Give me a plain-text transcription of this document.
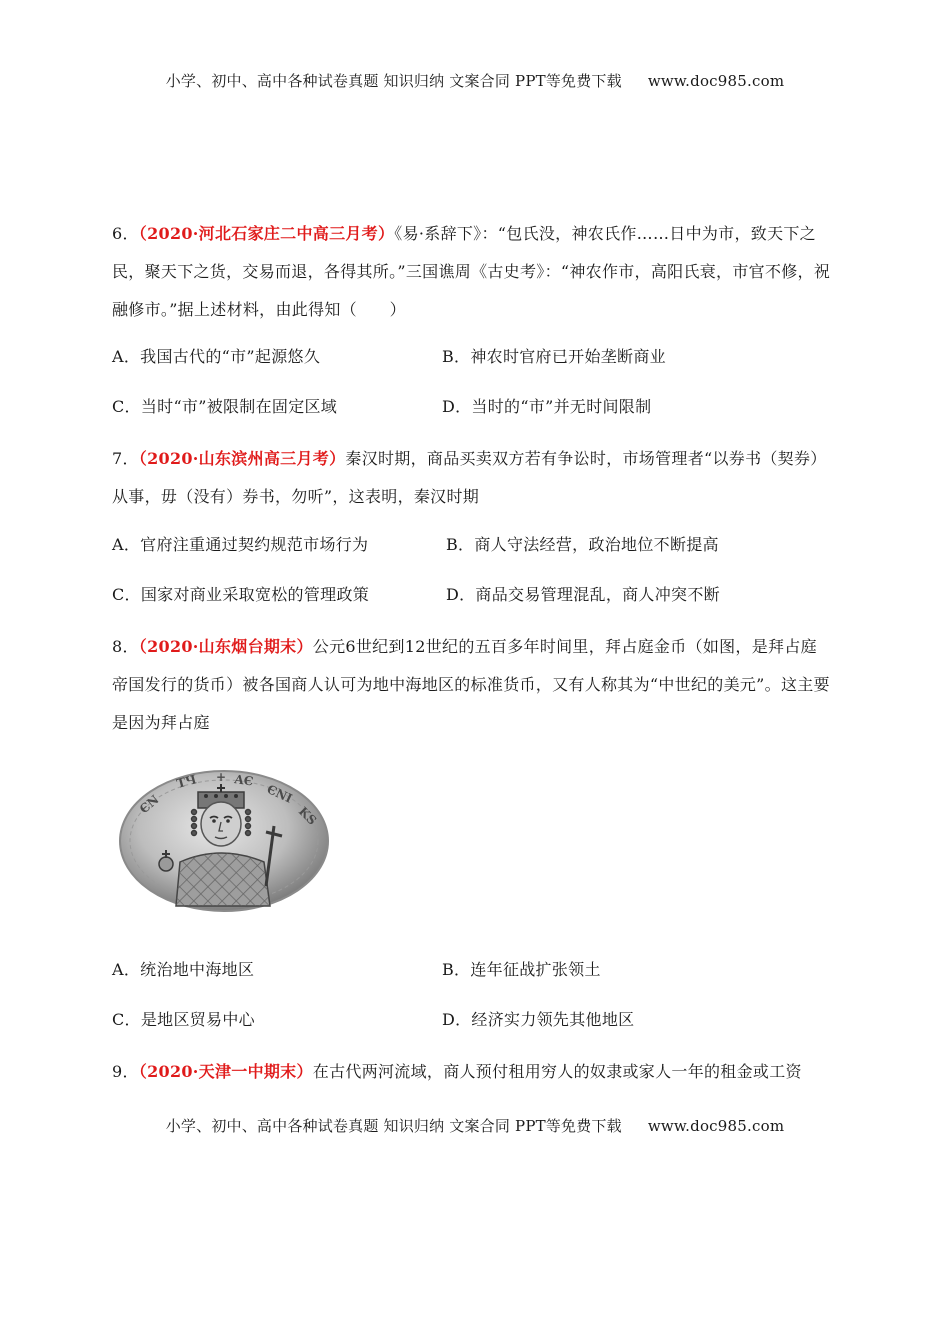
小学、初中、高中各种试卷真题 知识归纳 文案合同 PPT等免费下载 www.doc985.com
6．（2020·河北石家庄二中高三月考）《易·系辞下》：“包氏没，神农氏作……日中为市，致天下之民，聚天下之货，交易而退，各得其所。”三国谯周《古史考》：“神农作市，高阳氏衰，市官不修，祝融修市。”据上述材料，由此得知（　　）
A．我国古代的“市”起源悠久	B．神农时官府已开始垄断商业
C．当时“市”被限制在固定区域	D．当时的“市”并无时间限制
7．（2020·山东滨州高三月考）秦汉时期，商品买卖双方若有争讼时，市场管理者“以券书（契券）从事，毋（没有）券书，勿听”，这表明，秦汉时期
A．官府注重通过契约规范市场行为	B．商人守法经营，政治地位不断提高
C．国家对商业采取宽松的管理政策	D．商品交易管理混乱，商人冲突不断
8．（2020·山东烟台期末）公元6世纪到12世纪的五百多年时间里，拜占庭金币（如图，是拜占庭帝国发行的货币）被各国商人认可为地中海地区的标准货币，又有人称其为“中世纪的美元”。这主要是因为拜占庭
ЄN
ТЧ + ΑЄ
ЄNΙ
ΚS
A．统治地中海地区	B．连年征战扩张领土
C．是地区贸易中心	D．经济实力领先其他地区
9．（2020·天津一中期末）在古代两河流域，商人预付租用穷人的奴隶或家人一年的租金或工资
小学、初中、高中各种试卷真题 知识归纳 文案合同 PPT等免费下载 www.doc985.com
